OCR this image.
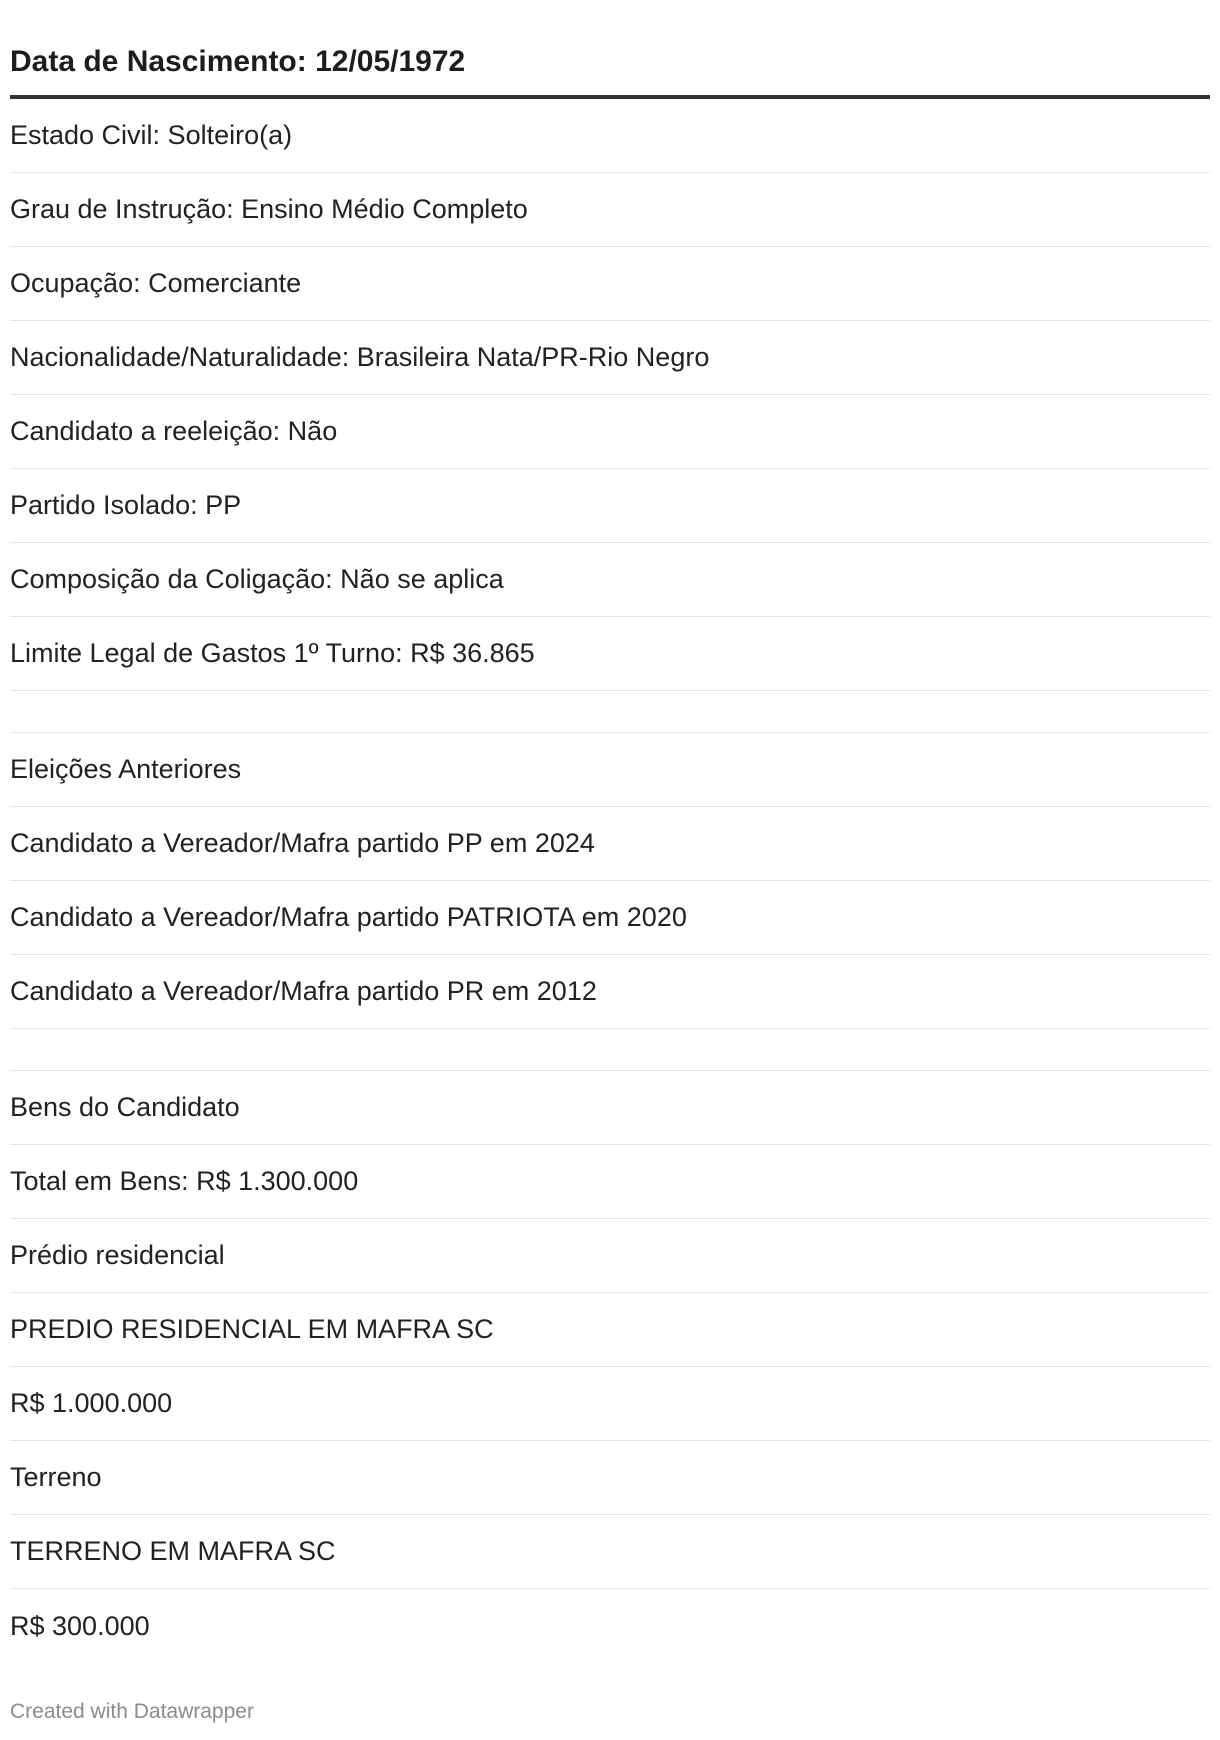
Data de Nascimento: 12/05/1972
Estado Civil: Solteiro(a)
Grau de Instrução: Ensino Médio Completo
Ocupação: Comerciante
Nacionalidade/Naturalidade: Brasileira Nata/PR-Rio Negro
Candidato a reeleição: Não
Partido Isolado: PP
Composição da Coligação: Não se aplica
Limite Legal de Gastos 1º Turno: R$ 36.865
Eleições Anteriores
Candidato a Vereador/Mafra partido PP em 2024
Candidato a Vereador/Mafra partido PATRIOTA em 2020
Candidato a Vereador/Mafra partido PR em 2012
Bens do Candidato
Total em Bens: R$ 1.300.000
Prédio residencial
PREDIO RESIDENCIAL EM MAFRA SC
R$ 1.000.000
Terreno
TERRENO EM MAFRA SC
R$ 300.000
Created with Datawrapper
